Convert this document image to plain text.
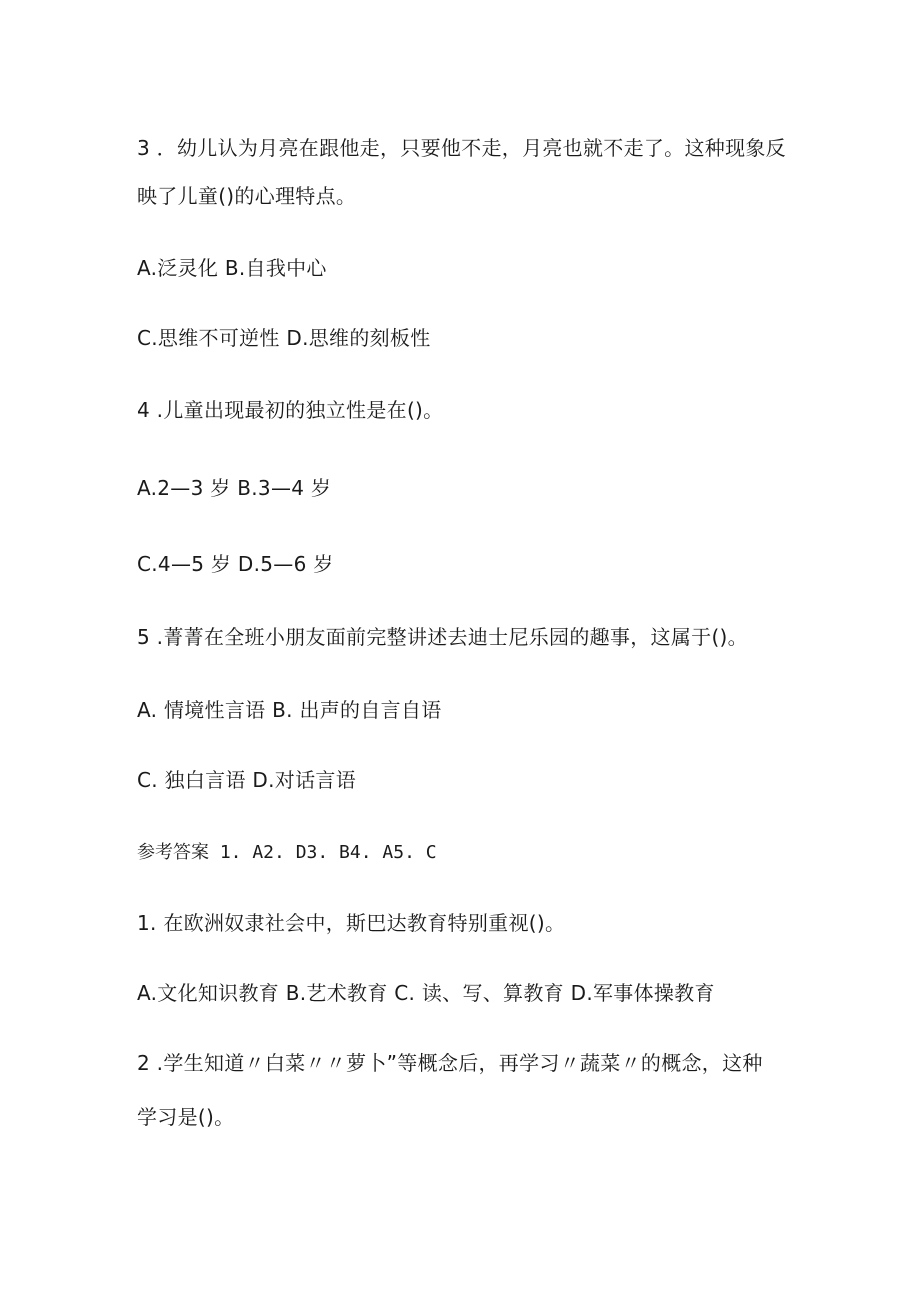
3 ．幼儿认为月亮在跟他走，只要他不走，月亮也就不走了。这种现象反
映了儿童()的心理特点。
A.泛灵化 B.自我中心
C.思维不可逆性 D.思维的刻板性
4 .儿童出现最初的独立性是在()。
A.2—3 岁 B.3—4 岁
C.4—5 岁 D.5—6 岁
5 .菁菁在全班小朋友面前完整讲述去迪士尼乐园的趣事，这属于()。
A. 情境性言语 B. 出声的自言自语
C. 独白言语 D.对话言语
参考答案 1. A2. D3. B4. A5. C
1. 在欧洲奴隶社会中，斯巴达教育特别重视()。
A.文化知识教育 B.艺术教育 C. 读、写、算教育 D.军事体操教育
2 .学生知道〃白菜〃〃萝卜”等概念后，再学习〃蔬菜〃的概念，这种
学习是()。
